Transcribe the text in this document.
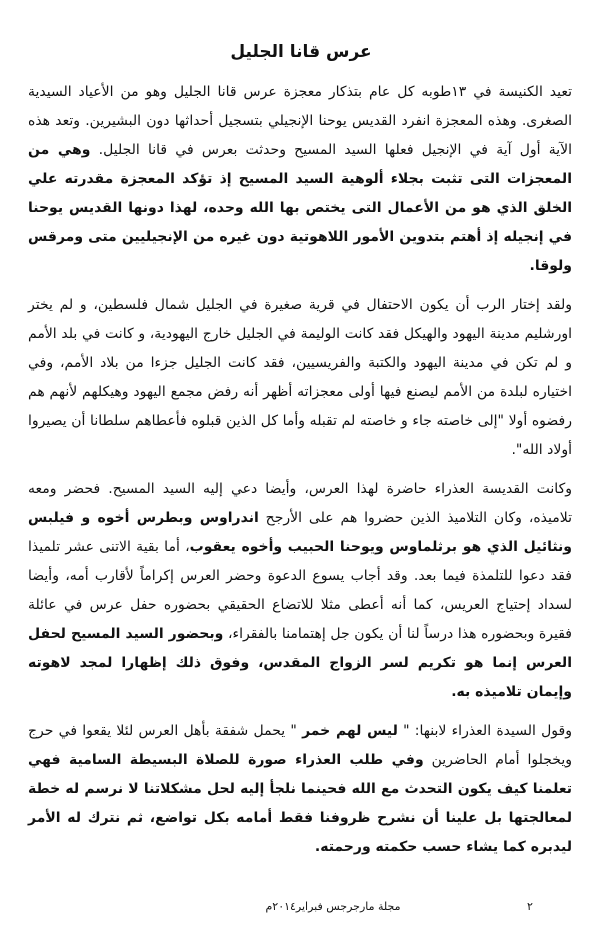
عرس قانا الجليل

تعيد الكنيسة في ١٣طوبه كل عام بتذكار معجزة عرس قانا الجليل وهو من الأعياد السيدية الصغرى. وهذه المعجزة انفرد القديس يوحنا الإنجيلي بتسجيل أحداثها دون البشيرين. وتعد هذه الآية أول آية في الإنجيل فعلها السيد المسيح وحدثت بعرس في قانا الجليل. وهي من المعجزات التى تثبت بجلاء ألوهية السيد المسيح إذ تؤكد المعجزة مقدرته علي الخلق الذي هو من الأعمال التى يختص بها الله وحده، لهذا دونها القديس يوحنا في إنجيله إذ أهتم بتدوين الأمور اللاهوتية دون غيره من الإنجيليين متى ومرقس ولوقا.

ولقد إختار الرب أن يكون الاحتفال في قرية صغيرة في الجليل شمال فلسطين، و لم يختر اورشليم مدينة اليهود والهيكل فقد كانت الوليمة في الجليل خارج اليهودية، و كانت في بلد الأمم و لم تكن في مدينة اليهود والكتبة والفريسيين، فقد كانت الجليل جزءا من بلاد الأمم، وفي اختياره لبلدة من الأمم ليصنع فيها أولى معجزاته أظهر أنه رفض مجمع اليهود وهيكلهم لأنهم هم رفضوه أولا "إلى خاصته جاء و خاصته لم تقبله وأما كل الذين قبلوه فأعطاهم سلطانا أن يصيروا أولاد الله".

وكانت القديسة العذراء حاضرة لهذا العرس، وأيضا دعي إليه السيد المسيح. فحضر ومعه تلاميذه، وكان التلاميذ الذين حضروا هم على الأرجح اندراوس وبطرس أخوه و فيلبس ونثائيل الذي هو برثلماوس ويوحنا الحبيب وأخوه يعقوب، أما بقية الاتنى عشر تلميذا فقد دعوا للتلمذة فيما بعد. وقد أجاب يسوع الدعوة وحضر العرس إكراماً لأقارب أمه، وأيضا لسداد إحتياج العريس، كما أنه أعطى مثلا للاتضاع الحقيقي بحضوره حفل عرس في عائلة فقيرة وبحضوره هذا درساً لنا أن يكون جل إهتمامنا بالفقراء، وبحضور السيد المسيح لحفل العرس إنما هو تكريم لسر الزواج المقدس، وفوق ذلك إظهارا لمجد لاهوته وإيمان تلاميذه به.

وقول السيدة العذراء لابنها: " ليس لهم خمر " يحمل شفقة بأهل العرس لئلا يقعوا في حرج ويخجلوا أمام الحاضرين وفي طلب العذراء صورة للصلاة البسيطة السامية فهي تعلمنا كيف يكون التحدث مع الله فحينما نلجأ إليه لحل مشكلاتنا لا نرسم له خطة لمعالجتها بل علينا أن نشرح ظروفنا فقط أمامه بكل تواضع، ثم نترك له الأمر ليدبره كما يشاء حسب حكمته ورحمته.

مجلة مارجرجس فبراير٢٠١٤م	٢
